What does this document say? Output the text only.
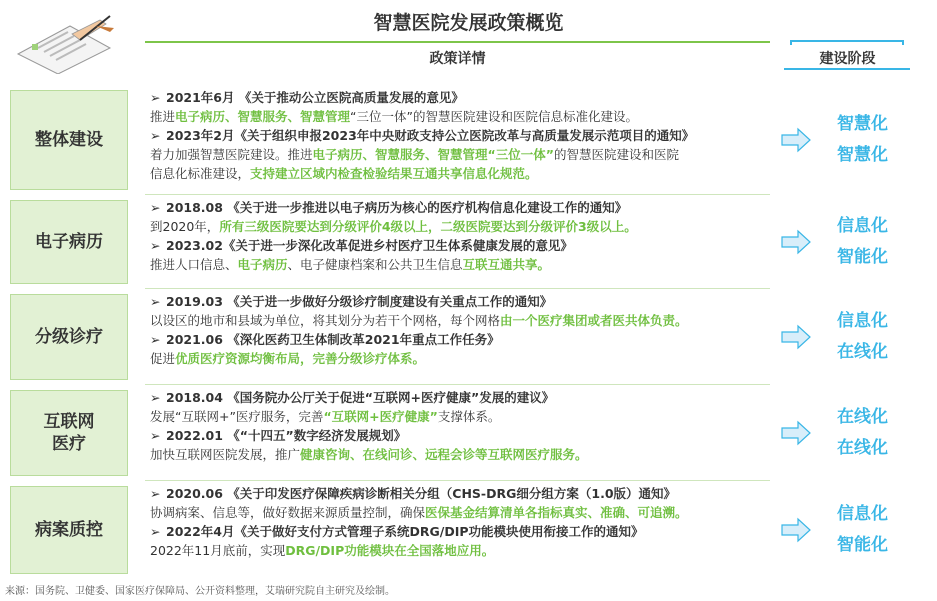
智慧医院发展政策概览
政策详情	建设阶段
整体建设
➢ 2021年6月 《关于推动公立医院高质量发展的意见》
推进电子病历、智慧服务、智慧管理“三位一体”的智慧医院建设和医院信息标准化建设。
➢ 2023年2月《关于组织申报2023年中央财政支持公立医院改革与高质量发展示范项目的通知》
着力加强智慧医院建设。推进电子病历、智慧服务、智慧管理“三位一体”的智慧医院建设和医院
信息化标准建设，支持建立区域内检查检验结果互通共享信息化规范。
智慧化
智慧化
电子病历
➢ 2018.08 《关于进一步推进以电子病历为核心的医疗机构信息化建设工作的通知》
到2020年，所有三级医院要达到分级评价4级以上，二级医院要达到分级评价3级以上。
➢ 2023.02《关于进一步深化改革促进乡村医疗卫生体系健康发展的意见》
推进人口信息、电子病历、电子健康档案和公共卫生信息互联互通共享。
信息化
智能化
分级诊疗
➢ 2019.03 《关于进一步做好分级诊疗制度建设有关重点工作的通知》
以设区的地市和县域为单位，将其划分为若干个网格，每个网格由一个医疗集团或者医共体负责。
➢ 2021.06 《深化医药卫生体制改革2021年重点工作任务》
促进优质医疗资源均衡布局，完善分级诊疗体系。
信息化
在线化
互联网
医疗
➢ 2018.04 《国务院办公厅关于促进“互联网+医疗健康”发展的建议》
发展“互联网+”医疗服务，完善“互联网+医疗健康”支撑体系。
➢ 2022.01 《“十四五”数字经济发展规划》
加快互联网医院发展，推广健康咨询、在线问诊、远程会诊等互联网医疗服务。
在线化
在线化
病案质控
➢ 2020.06 《关于印发医疗保障疾病诊断相关分组（CHS-DRG细分组方案（1.0版）通知》
协调病案、信息等，做好数据来源质量控制，确保医保基金结算清单各指标真实、准确、可追溯。
➢ 2022年4月《关于做好支付方式管理子系统DRG/DIP功能模块使用衔接工作的通知》
2022年11月底前，实现DRG/DIP功能模块在全国落地应用。
信息化
智能化
来源：国务院、卫健委、国家医疗保障局、公开资料整理，艾瑞研究院自主研究及绘制。
